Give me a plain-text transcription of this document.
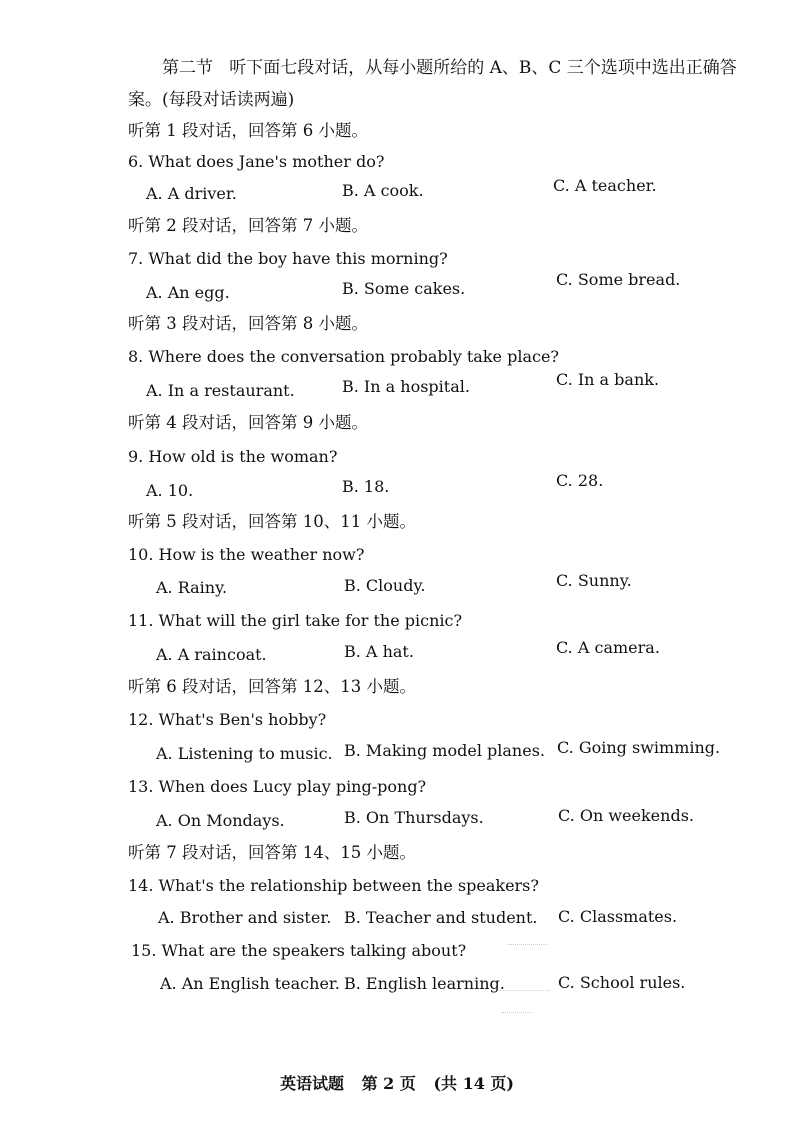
第二节 听下面七段对话，从每小题所给的 A、B、C 三个选项中选出正确答
案。(每段对话读两遍)
听第 1 段对话，回答第 6 小题。
6. What does Jane's mother do?
A. A driver.	B. A cook.	C. A teacher.
听第 2 段对话，回答第 7 小题。
7. What did the boy have this morning?
A. An egg.	B. Some cakes.	C. Some bread.
听第 3 段对话，回答第 8 小题。
8. Where does the conversation probably take place?
A. In a restaurant.	B. In a hospital.	C. In a bank.
听第 4 段对话，回答第 9 小题。
9. How old is the woman?
A. 10.	B. 18.	C. 28.
听第 5 段对话，回答第 10、11 小题。
10. How is the weather now?
A. Rainy.	B. Cloudy.	C. Sunny.
11. What will the girl take for the picnic?
A. A raincoat.	B. A hat.	C. A camera.
听第 6 段对话，回答第 12、13 小题。
12. What's Ben's hobby?
A. Listening to music. B. Making model planes. C. Going swimming.
13. When does Lucy play ping-pong?
A. On Mondays.	B. On Thursdays.	C. On weekends.
听第 7 段对话，回答第 14、15 小题。
14. What's the relationship between the speakers?
A. Brother and sister. B. Teacher and student. C. Classmates.
15. What are the speakers talking about?
A. An English teacher. B. English learning.	C. School rules.
英语试题 第 2 页 (共 14 页)
